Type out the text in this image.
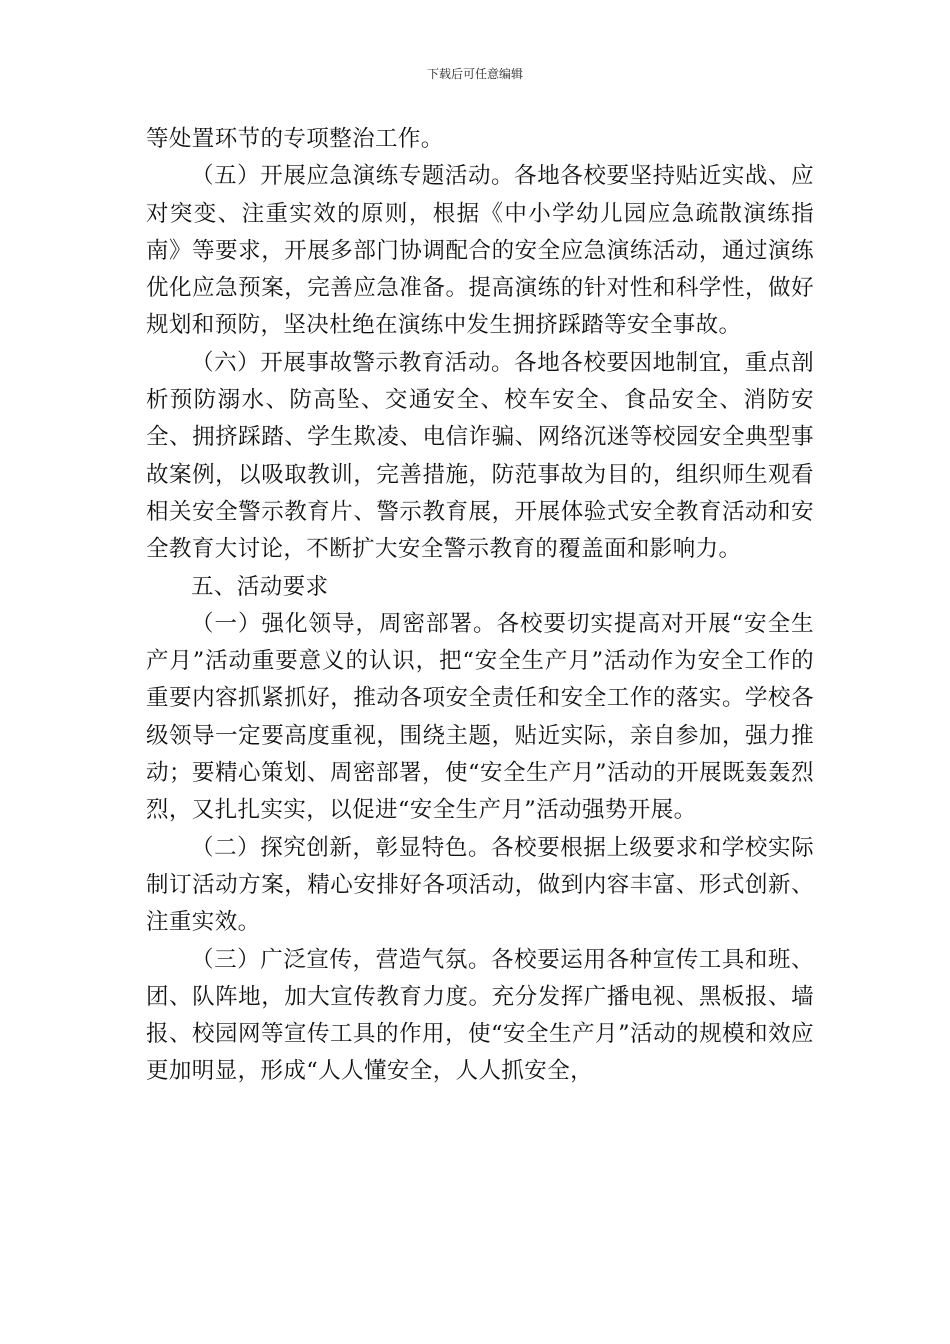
下载后可任意编辑

等处置环节的专项整治工作。

（五）开展应急演练专题活动。各地各校要坚持贴近实战、应对突变、注重实效的原则，根据《中小学幼儿园应急疏散演练指南》等要求，开展多部门协调配合的安全应急演练活动，通过演练优化应急预案，完善应急准备。提高演练的针对性和科学性，做好规划和预防，坚决杜绝在演练中发生拥挤踩踏等安全事故。

（六）开展事故警示教育活动。各地各校要因地制宜，重点剖析预防溺水、防高坠、交通安全、校车安全、食品安全、消防安全、拥挤踩踏、学生欺凌、电信诈骗、网络沉迷等校园安全典型事故案例，以吸取教训，完善措施，防范事故为目的，组织师生观看相关安全警示教育片、警示教育展，开展体验式安全教育活动和安全教育大讨论，不断扩大安全警示教育的覆盖面和影响力。

五、活动要求

（一）强化领导，周密部署。各校要切实提高对开展“安全生产月”活动重要意义的认识，把“安全生产月”活动作为安全工作的重要内容抓紧抓好，推动各项安全责任和安全工作的落实。学校各级领导一定要高度重视，围绕主题，贴近实际，亲自参加，强力推动；要精心策划、周密部署，使“安全生产月”活动的开展既轰轰烈烈，又扎扎实实，以促进“安全生产月”活动强势开展。

（二）探究创新，彰显特色。各校要根据上级要求和学校实际制订活动方案，精心安排好各项活动，做到内容丰富、形式创新、注重实效。

（三）广泛宣传，营造气氛。各校要运用各种宣传工具和班、团、队阵地，加大宣传教育力度。充分发挥广播电视、黑板报、墙报、校园网等宣传工具的作用，使“安全生产月”活动的规模和效应更加明显，形成“人人懂安全，人人抓安全，
